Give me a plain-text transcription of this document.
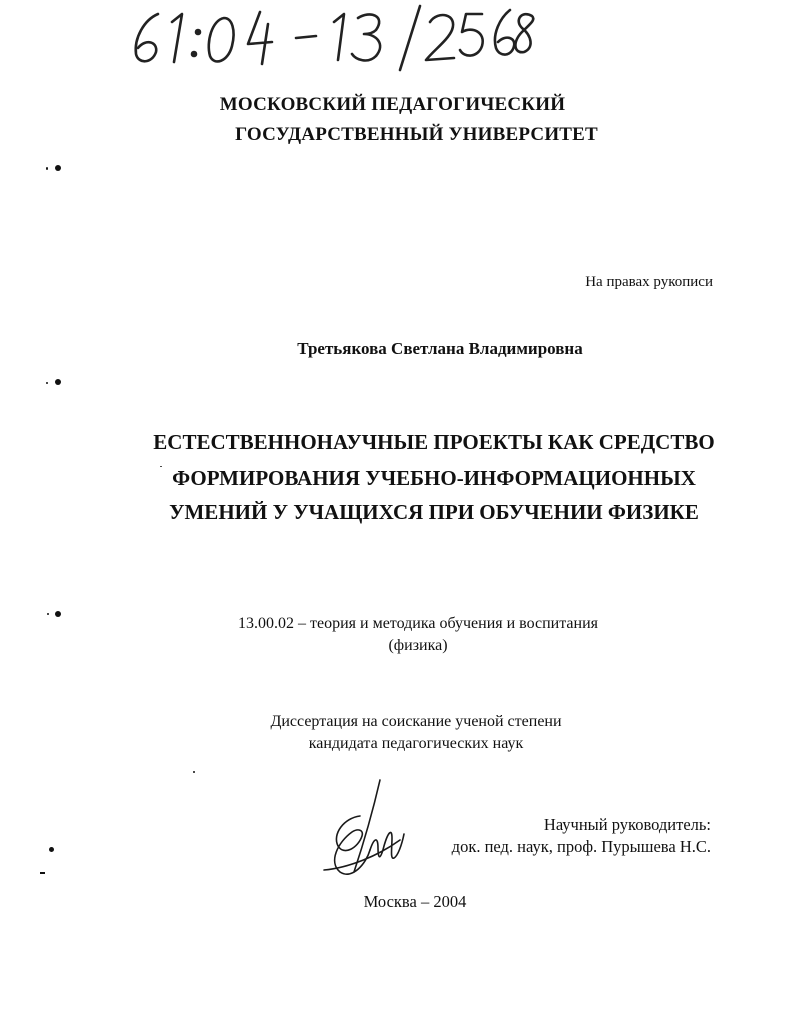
МОСКОВСКИЙ ПЕДАГОГИЧЕСКИЙ
ГОСУДАРСТВЕННЫЙ УНИВЕРСИТЕТ
На правах рукописи
Третьякова Светлана Владимировна
ЕСТЕСТВЕННОНАУЧНЫЕ ПРОЕКТЫ КАК СРЕДСТВО
ФОРМИРОВАНИЯ УЧЕБНО-ИНФОРМАЦИОННЫХ
УМЕНИЙ У УЧАЩИХСЯ ПРИ ОБУЧЕНИИ ФИЗИКЕ
13.00.02 – теория и методика обучения и воспитания
(физика)
Диссертация на соискание ученой степени
кандидата педагогических наук
Научный руководитель:
док. пед. наук, проф. Пурышева Н.С.
Москва – 2004
